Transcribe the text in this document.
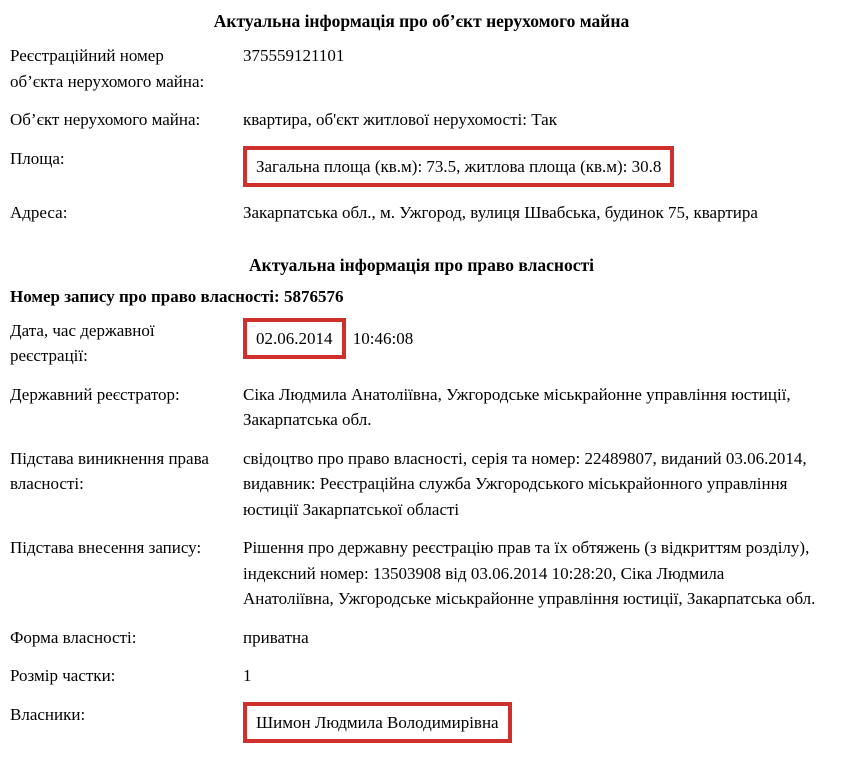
Актуальна інформація про об’єкт нерухомого майна
Реєстраційний номер об’єкта нерухомого майна:
375559121101
Об’єкт нерухомого майна:	квартира, об'єкт житлової нерухомості: Так
Площа:	Загальна площа (кв.м): 73.5, житлова площа (кв.м): 30.8
Адреса:	Закарпатська обл., м. Ужгород, вулиця Швабська, будинок 75, квартира
Актуальна інформація про право власності
Номер запису про право власності: 5876576
Дата, час державної реєстрації:
02.06.2014 10:46:08
Державний реєстратор:	Сіка Людмила Анатоліївна, Ужгородське міськрайонне управління юстиції, Закарпатська обл.
Підстава виникнення права власності:
свідоцтво про право власності, серія та номер: 22489807, виданий 03.06.2014, видавник: Реєстраційна служба Ужгородського міськрайонного управління юстиції Закарпатської області
Підстава внесення запису:	Рішення про державну реєстрацію прав та їх обтяжень (з відкриттям розділу), індексний номер: 13503908 від 03.06.2014 10:28:20, Сіка Людмила Анатоліївна, Ужгородське міськрайонне управління юстиції, Закарпатська обл.
Форма власності:	приватна
Розмір частки:	1
Власники:	Шимон Людмила Володимирівна
